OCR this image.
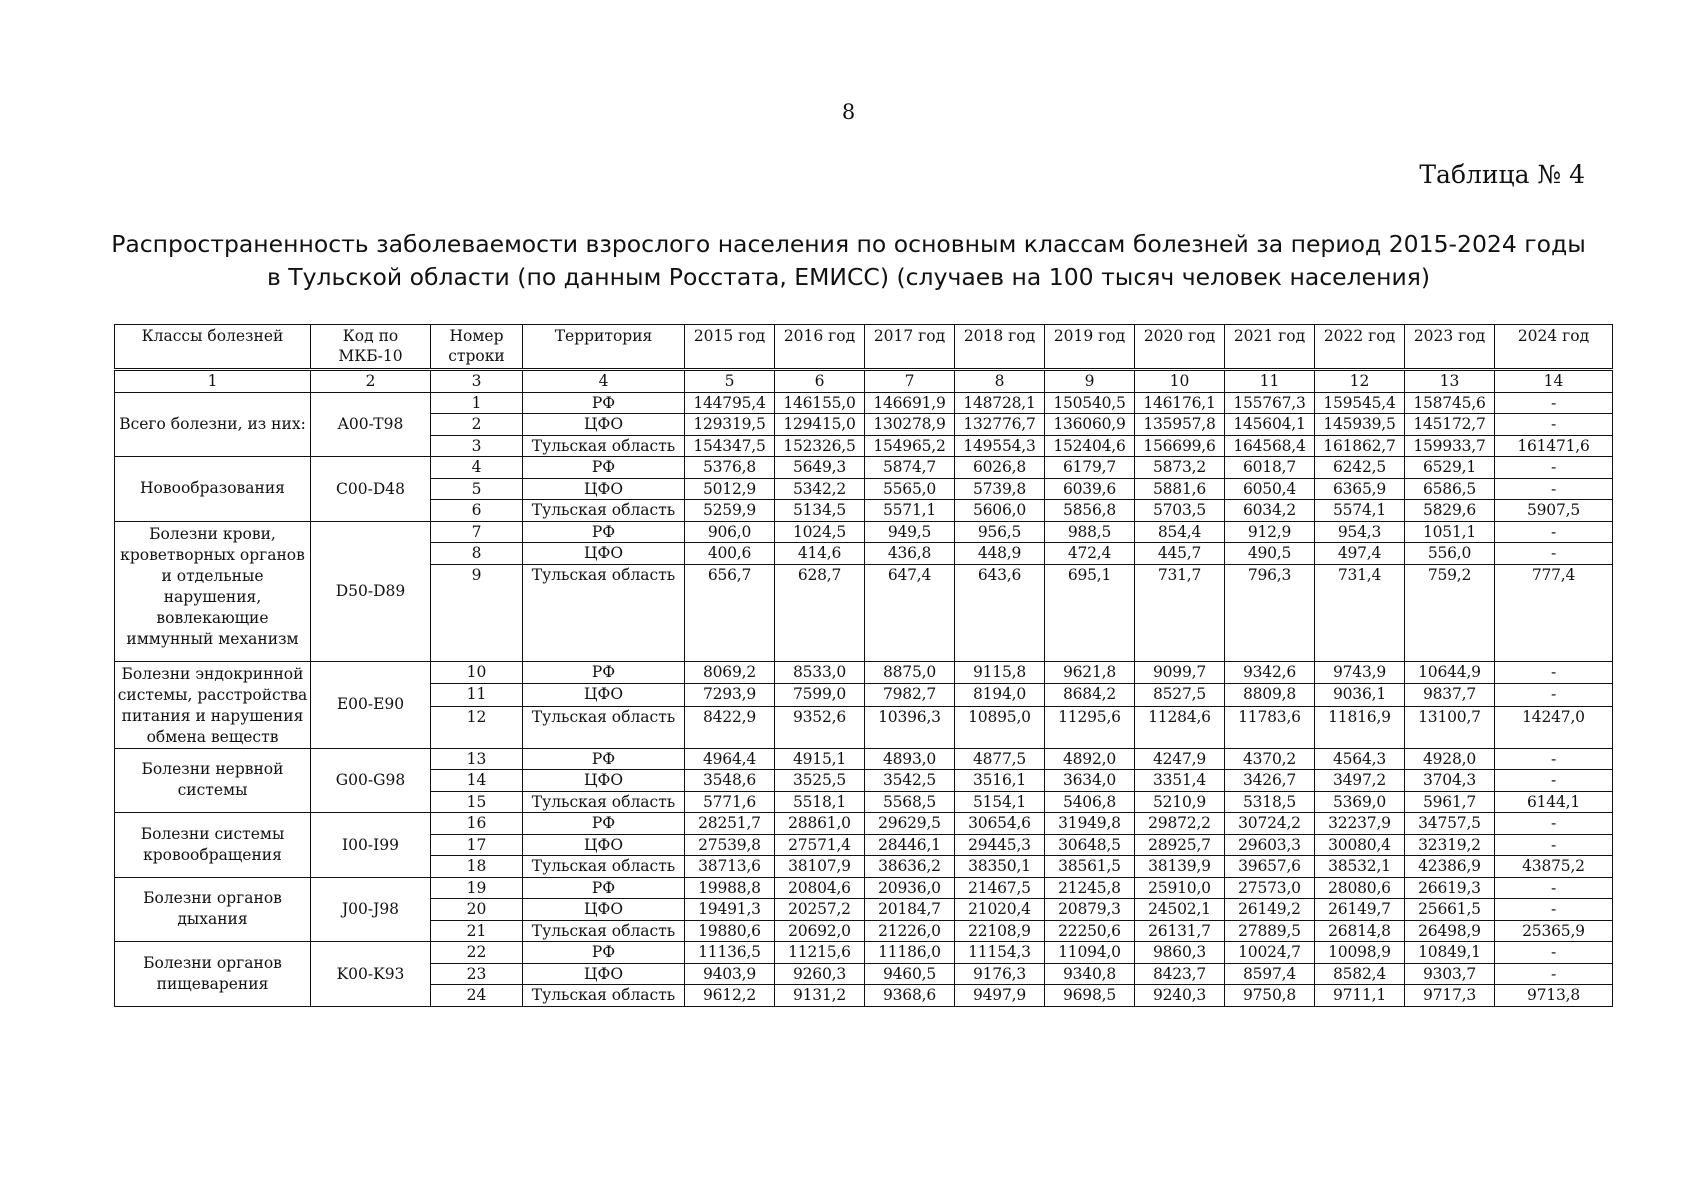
8
Таблица № 4
Распространенность заболеваемости взрослого населения по основным классам болезней за период 2015-2024 годы
в Тульской области (по данным Росстата, ЕМИСС) (случаев на 100 тысяч человек населения)
Классы болезней	Код по МКБ-10	Номер строки	Территория	2015 год	2016 год	2017 год	2018 год	2019 год	2020 год	2021 год	2022 год	2023 год	2024 год
1	2	3	4	5	6	7	8	9	10	11	12	13	14
Всего болезни, из них:	A00-T98	1	РФ	144795,4	146155,0	146691,9	148728,1	150540,5	146176,1	155767,3	159545,4	158745,6	-
		2	ЦФО	129319,5	129415,0	130278,9	132776,7	136060,9	135957,8	145604,1	145939,5	145172,7	-
		3	Тульская область	154347,5	152326,5	154965,2	149554,3	152404,6	156699,6	164568,4	161862,7	159933,7	161471,6
Новообразования	C00-D48	4	РФ	5376,8	5649,3	5874,7	6026,8	6179,7	5873,2	6018,7	6242,5	6529,1	-
		5	ЦФО	5012,9	5342,2	5565,0	5739,8	6039,6	5881,6	6050,4	6365,9	6586,5	-
		6	Тульская область	5259,9	5134,5	5571,1	5606,0	5856,8	5703,5	6034,2	5574,1	5829,6	5907,5
Болезни крови, кроветворных органов и отдельные нарушения, вовлекающие иммунный механизм	D50-D89	7	РФ	906,0	1024,5	949,5	956,5	988,5	854,4	912,9	954,3	1051,1	-
		8	ЦФО	400,6	414,6	436,8	448,9	472,4	445,7	490,5	497,4	556,0	-
		9	Тульская область	656,7	628,7	647,4	643,6	695,1	731,7	796,3	731,4	759,2	777,4
Болезни эндокринной системы, расстройства питания и нарушения обмена веществ	E00-E90	10	РФ	8069,2	8533,0	8875,0	9115,8	9621,8	9099,7	9342,6	9743,9	10644,9	-
		11	ЦФО	7293,9	7599,0	7982,7	8194,0	8684,2	8527,5	8809,8	9036,1	9837,7	-
		12	Тульская область	8422,9	9352,6	10396,3	10895,0	11295,6	11284,6	11783,6	11816,9	13100,7	14247,0
Болезни нервной системы	G00-G98	13	РФ	4964,4	4915,1	4893,0	4877,5	4892,0	4247,9	4370,2	4564,3	4928,0	-
		14	ЦФО	3548,6	3525,5	3542,5	3516,1	3634,0	3351,4	3426,7	3497,2	3704,3	-
		15	Тульская область	5771,6	5518,1	5568,5	5154,1	5406,8	5210,9	5318,5	5369,0	5961,7	6144,1
Болезни системы кровообращения	I00-I99	16	РФ	28251,7	28861,0	29629,5	30654,6	31949,8	29872,2	30724,2	32237,9	34757,5	-
		17	ЦФО	27539,8	27571,4	28446,1	29445,3	30648,5	28925,7	29603,3	30080,4	32319,2	-
		18	Тульская область	38713,6	38107,9	38636,2	38350,1	38561,5	38139,9	39657,6	38532,1	42386,9	43875,2
Болезни органов дыхания	J00-J98	19	РФ	19988,8	20804,6	20936,0	21467,5	21245,8	25910,0	27573,0	28080,6	26619,3	-
		20	ЦФО	19491,3	20257,2	20184,7	21020,4	20879,3	24502,1	26149,2	26149,7	25661,5	-
		21	Тульская область	19880,6	20692,0	21226,0	22108,9	22250,6	26131,7	27889,5	26814,8	26498,9	25365,9
Болезни органов пищеварения	K00-K93	22	РФ	11136,5	11215,6	11186,0	11154,3	11094,0	9860,3	10024,7	10098,9	10849,1	-
		23	ЦФО	9403,9	9260,3	9460,5	9176,3	9340,8	8423,7	8597,4	8582,4	9303,7	-
		24	Тульская область	9612,2	9131,2	9368,6	9497,9	9698,5	9240,3	9750,8	9711,1	9717,3	9713,8
